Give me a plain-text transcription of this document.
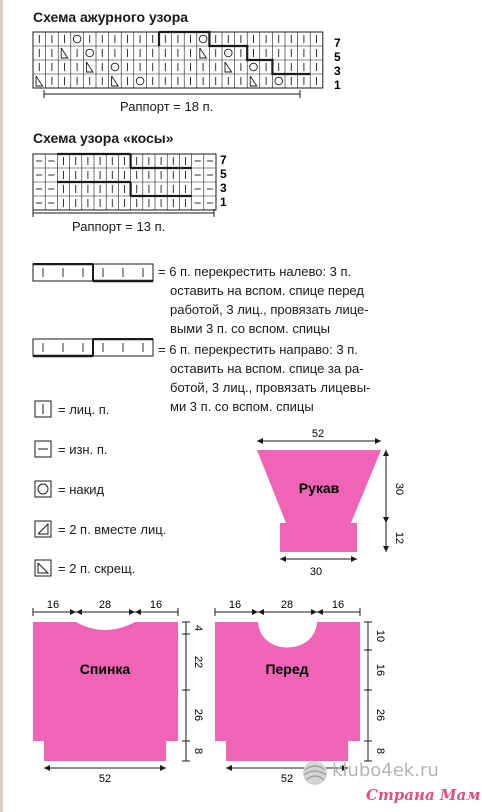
Схема ажурного узора
7
5
3
1
Раппорт = 18 п.
Схема узора «косы»
7
5
3
1
Раппорт = 13 п.
= 6 п. перекрестить налево: 3 п.
оставить на вспом. спице перед
работой, 3 лиц., провязать лице-
выми 3 п. со вспом. спицы
= 6 п. перекрестить направо: 3 п.
оставить на вспом. спице за ра-
ботой, 3 лиц., провязать лицевы-
ми 3 п. со вспом. спицы
= лиц. п.
= изн. п.
= накид
= 2 п. вместе лиц.
= 2 п. скрещ.
52
Рукав	30
12
30
16	28	16
Спинка
4
22
26
8
52
16	28	16
Перед
10
16
26
8
52 klubo4ek.ru
Страна Мам
